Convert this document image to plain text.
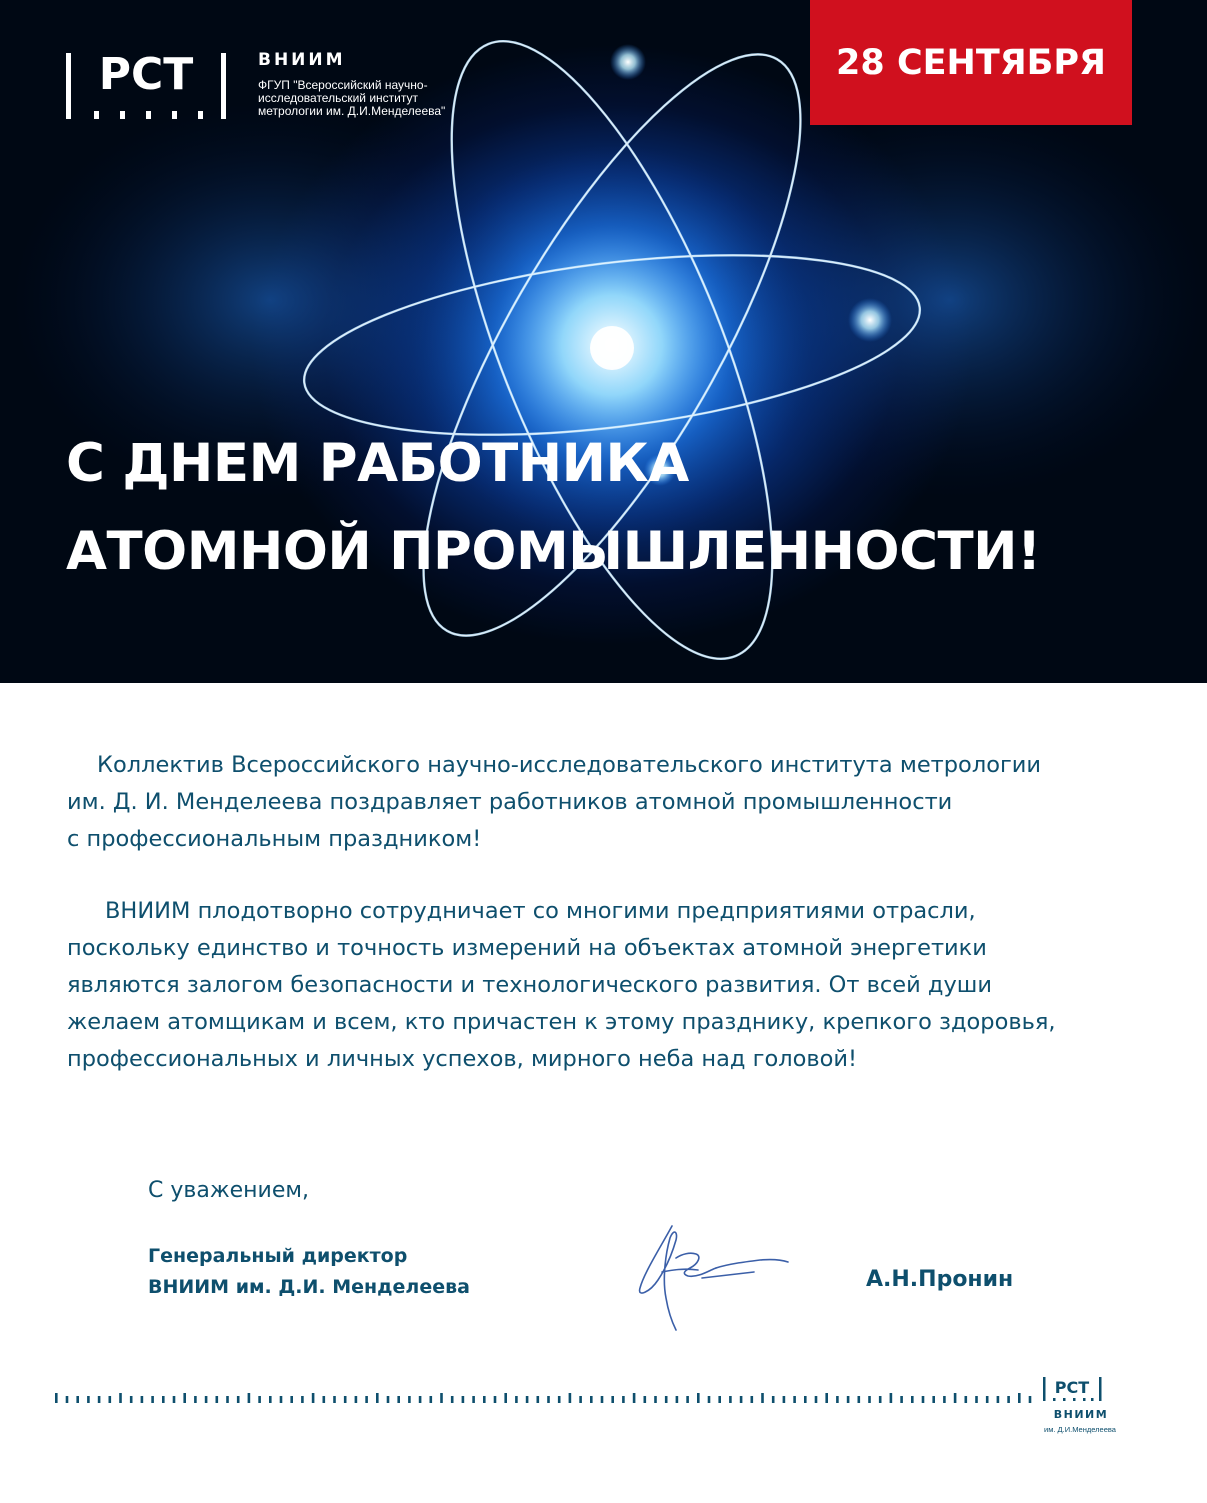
РСТ	ВНИИМ
ФГУП "Всероссийский научно-
исследовательский институт
метрологии им. Д.И.Менделеева"
28 СЕНТЯБРЯ
С ДНЕМ РАБОТНИКА
АТОМНОЙ ПРОМЫШЛЕННОСТИ!

Коллектив Всероссийского научно-исследовательского института метрологии
им. Д. И. Менделеева поздравляет работников атомной промышленности
с профессиональным праздником!

ВНИИМ плодотворно сотрудничает со многими предприятиями отрасли,
поскольку единство и точность измерений на объектах атомной энергетики
являются залогом безопасности и технологического развития. От всей души
желаем атомщикам и всем, кто причастен к этому празднику, крепкого здоровья,
профессиональных и личных успехов, мирного неба над головой!

С уважением,
Генеральный директор
ВНИИМ им. Д.И. Менделеева	А.Н.Пронин
РСТ
ВНИИМ
им. Д.И.Менделеева
